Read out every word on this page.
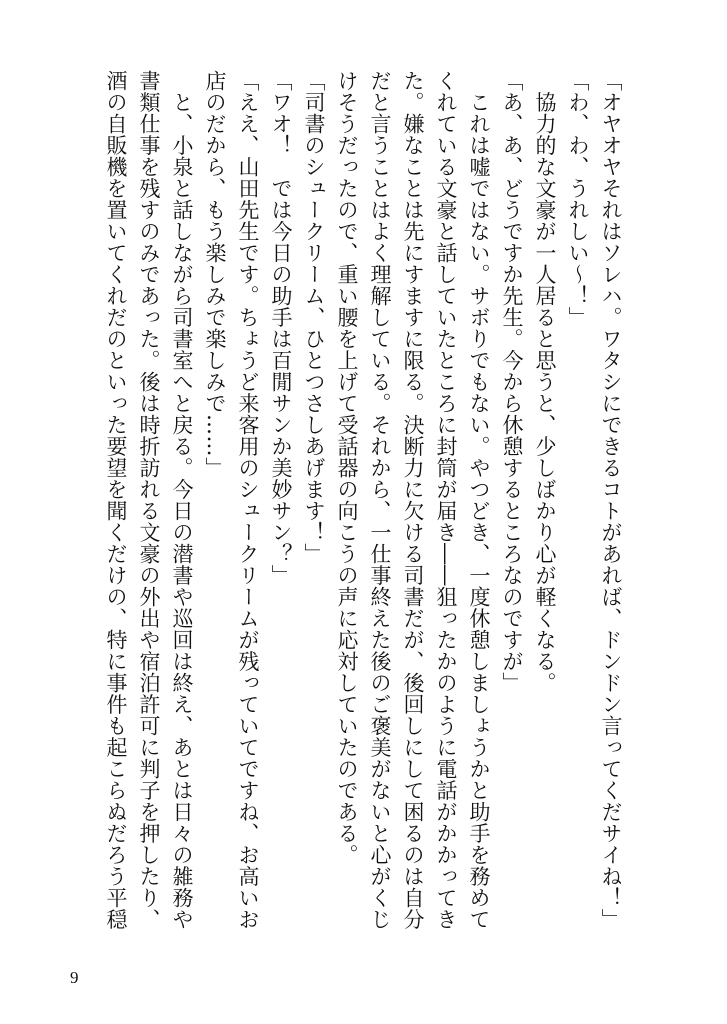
「オヤオヤそれはソレハ。ワタシにできるコトがあれば、ドンドン言ってくだサイね！」
「わ、わ、うれしい〜！」
　協力的な文豪が一人居ると思うと、少しばかり心が軽くなる。
「あ、あ、どうですか先生。今から休憩するところなのですが」
　これは嘘ではない。サボりでもない。やつどき、一度休憩しましょうかと助手を務めて
くれている文豪と話していたところに封筒が届き――狙ったかのように電話がかかってき
た。嫌なことは先にすますに限る。決断力に欠ける司書だが、後回しにして困るのは自分
だと言うことはよく理解している。それから、一仕事終えた後のご褒美がないと心がくじ
けそうだったので、重い腰を上げて受話器の向こうの声に応対していたのである。
「司書のシュークリーム、ひとつさしあげます！」
「ワオ！　では今日の助手は百閒サンか美妙サン？」
「ええ、山田先生です。ちょうど来客用のシュークリームが残っていてですね、お高いお
店のだから、もう楽しみで楽しみで……」
　と、小泉と話しながら司書室へと戻る。今日の潜書や巡回は終え、あとは日々の雑務や
書類仕事を残すのみであった。後は時折訪れる文豪の外出や宿泊許可に判子を押したり、
酒の自販機を置いてくれだのといった要望を聞くだけの、特に事件も起こらぬだろう平穏
9
